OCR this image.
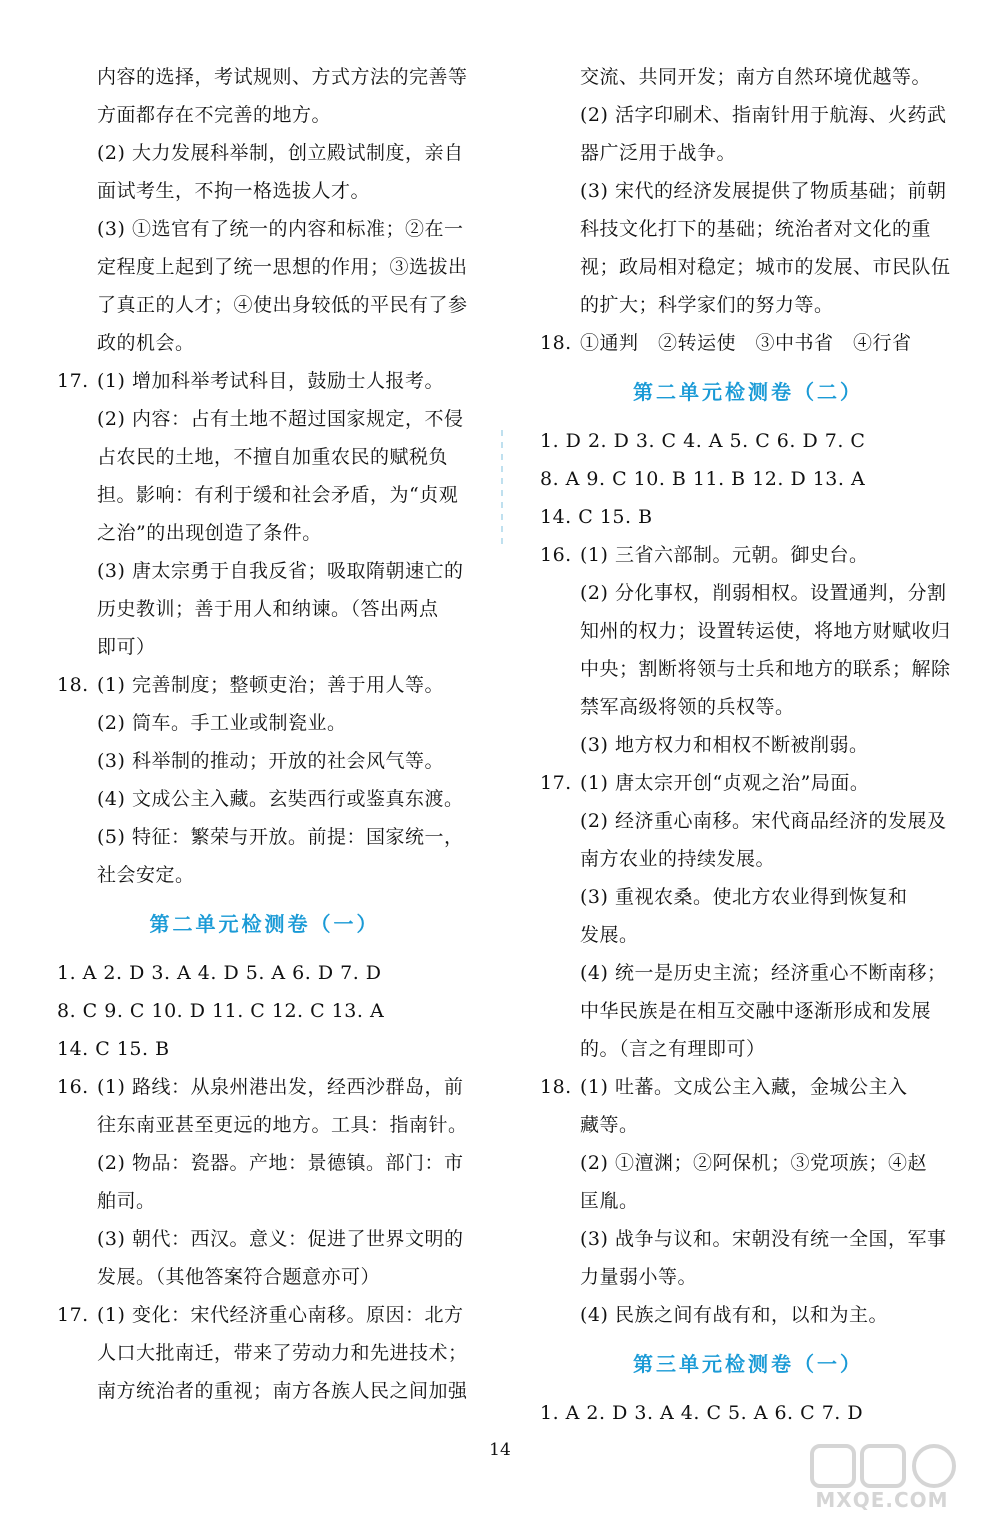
内容的选择，考试规则、方式方法的完善等
方面都存在不完善的地方。
(2) 大力发展科举制，创立殿试制度，亲自
面试考生，不拘一格选拔人才。
(3) ①选官有了统一的内容和标准；②在一
定程度上起到了统一思想的作用；③选拔出
了真正的人才；④使出身较低的平民有了参
政的机会。
17. (1) 增加科举考试科目，鼓励士人报考。
(2) 内容：占有土地不超过国家规定，不侵
占农民的土地，不擅自加重农民的赋税负
担。影响：有利于缓和社会矛盾，为“贞观
之治”的出现创造了条件。
(3) 唐太宗勇于自我反省；吸取隋朝速亡的
历史教训；善于用人和纳谏。（答出两点
即可）
18. (1) 完善制度；整顿吏治；善于用人等。
(2) 筒车。手工业或制瓷业。
(3) 科举制的推动；开放的社会风气等。
(4) 文成公主入藏。玄奘西行或鉴真东渡。
(5) 特征：繁荣与开放。前提：国家统一，
社会安定。
第二单元检测卷（一）
1. A 2. D 3. A 4. D 5. A 6. D 7. D
8. C 9. C 10. D 11. C 12. C 13. A
14. C 15. B
16. (1) 路线：从泉州港出发，经西沙群岛，前
往东南亚甚至更远的地方。工具：指南针。
(2) 物品：瓷器。产地：景德镇。部门：市
舶司。
(3) 朝代：西汉。意义：促进了世界文明的
发展。（其他答案符合题意亦可）
17. (1) 变化：宋代经济重心南移。原因：北方
人口大批南迁，带来了劳动力和先进技术；
南方统治者的重视；南方各族人民之间加强
交流、共同开发；南方自然环境优越等。
(2) 活字印刷术、指南针用于航海、火药武
器广泛用于战争。
(3) 宋代的经济发展提供了物质基础；前朝
科技文化打下的基础；统治者对文化的重
视；政局相对稳定；城市的发展、市民队伍
的扩大；科学家们的努力等。
18. ①通判　②转运使　③中书省　④行省
第二单元检测卷（二）
1. D 2. D 3. C 4. A 5. C 6. D 7. C
8. A 9. C 10. B 11. B 12. D 13. A
14. C 15. B
16. (1) 三省六部制。元朝。御史台。
(2) 分化事权，削弱相权。设置通判，分割
知州的权力；设置转运使，将地方财赋收归
中央；割断将领与士兵和地方的联系；解除
禁军高级将领的兵权等。
(3) 地方权力和相权不断被削弱。
17. (1) 唐太宗开创“贞观之治”局面。
(2) 经济重心南移。宋代商品经济的发展及
南方农业的持续发展。
(3) 重视农桑。使北方农业得到恢复和
发展。
(4) 统一是历史主流；经济重心不断南移；
中华民族是在相互交融中逐渐形成和发展
的。（言之有理即可）
18. (1) 吐蕃。文成公主入藏，金城公主入
藏等。
(2) ①澶渊；②阿保机；③党项族；④赵
匡胤。
(3) 战争与议和。宋朝没有统一全国，军事
力量弱小等。
(4) 民族之间有战有和，以和为主。
第三单元检测卷（一）
1. A 2. D 3. A 4. C 5. A 6. C 7. D
14
MXQE.COM
